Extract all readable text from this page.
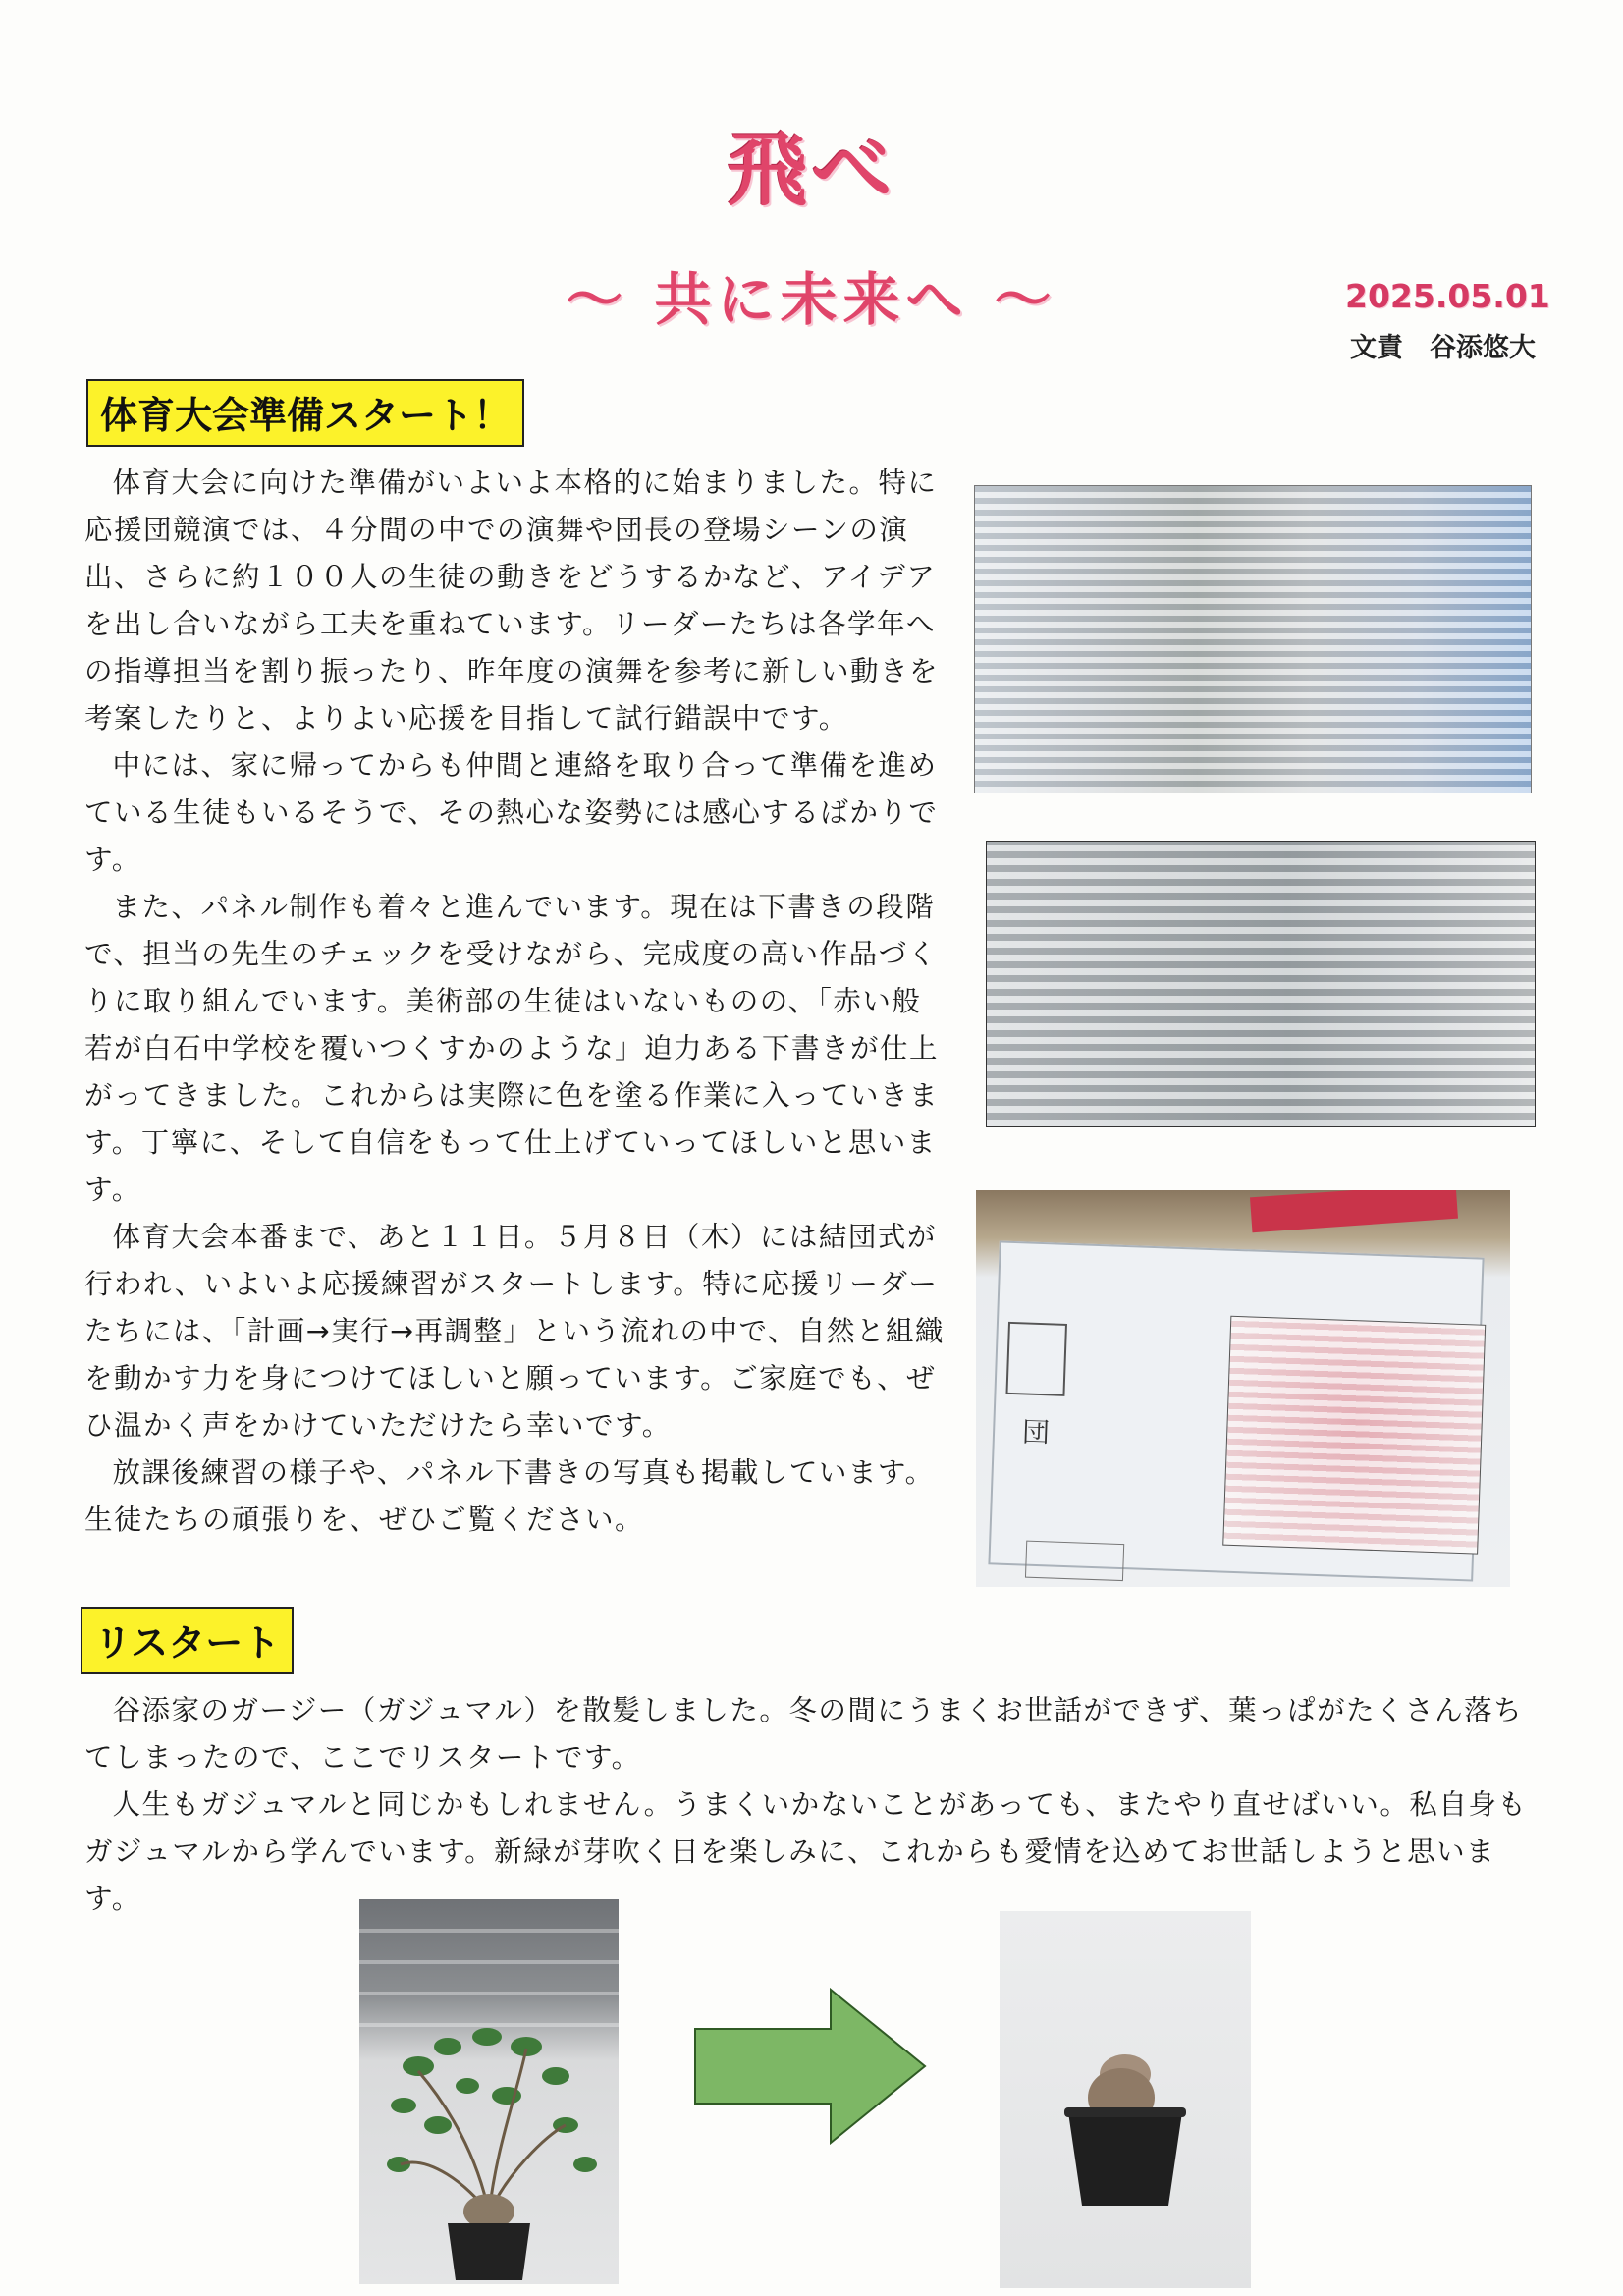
飛べ
～ 共に未来へ ～	2025.05.01
文責　谷添悠大
体育大会準備スタート！

体育大会に向けた準備がいよいよ本格的に始まりました。特に応援団競演では、４分間の中での演舞や団長の登場シーンの演出、さらに約１００人の生徒の動きをどうするかなど、アイデアを出し合いながら工夫を重ねています。リーダーたちは各学年への指導担当を割り振ったり、昨年度の演舞を参考に新しい動きを考案したりと、よりよい応援を目指して試行錯誤中です。

中には、家に帰ってからも仲間と連絡を取り合って準備を進めている生徒もいるそうで、その熱心な姿勢には感心するばかりです。

また、パネル制作も着々と進んでいます。現在は下書きの段階で、担当の先生のチェックを受けながら、完成度の高い作品づくりに取り組んでいます。美術部の生徒はいないものの、「赤い般若が白石中学校を覆いつくすかのような」迫力ある下書きが仕上がってきました。これからは実際に色を塗る作業に入っていきます。丁寧に、そして自信をもって仕上げていってほしいと思います。

体育大会本番まで、あと１１日。５月８日（木）には結団式が行われ、いよいよ応援練習がスタートします。特に応援リーダーたちには、「計画→実行→再調整」という流れの中で、自然と組織を動かす力を身につけてほしいと願っています。ご家庭でも、ぜひ温かく声をかけていただけたら幸いです。

放課後練習の様子や、パネル下書きの写真も掲載しています。生徒たちの頑張りを、ぜひご覧ください。

団
リスタート

谷添家のガージー（ガジュマル）を散髪しました。冬の間にうまくお世話ができず、葉っぱがたくさん落ちてしまったので、ここでリスタートです。

人生もガジュマルと同じかもしれません。うまくいかないことがあっても、またやり直せばいい。私自身もガジュマルから学んでいます。新緑が芽吹く日を楽しみに、これからも愛情を込めてお世話しようと思います。
